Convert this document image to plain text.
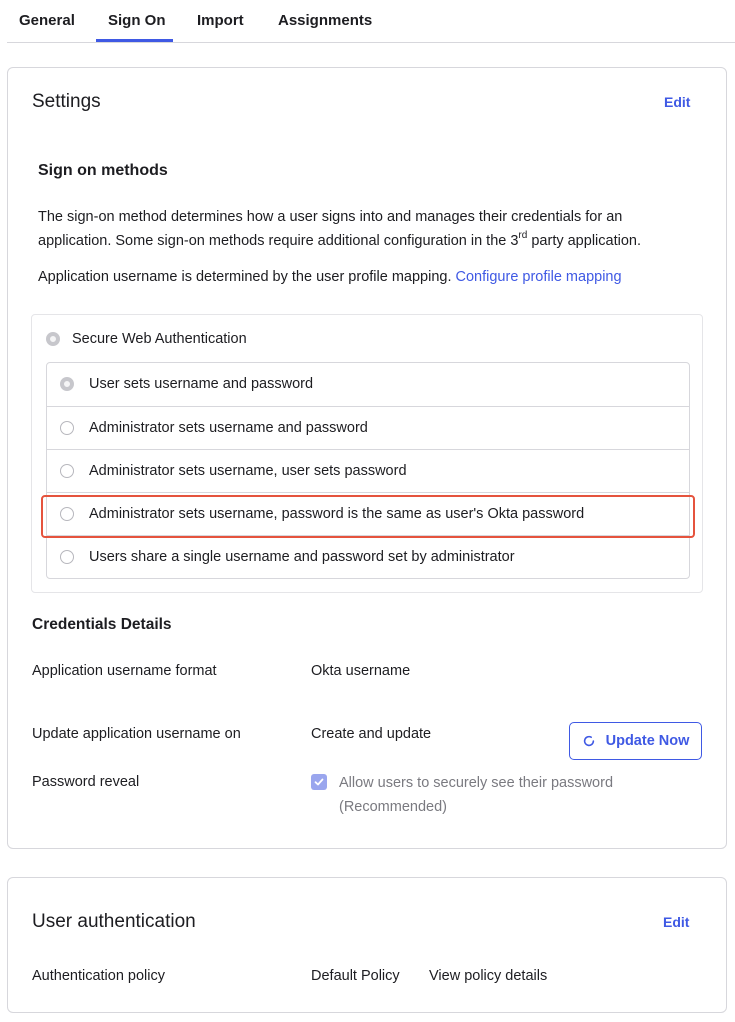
General Sign On Import Assignments
Settings	Edit
Sign on methods
The sign-on method determines how a user signs into and manages their credentials for an
application. Some sign-on methods require additional configuration in the 3rd party application.
Application username is determined by the user profile mapping. Configure profile mapping
Secure Web Authentication
User sets username and password
Administrator sets username and password
Administrator sets username, user sets password
Administrator sets username, password is the same as user's Okta password
Users share a single username and password set by administrator
Credentials Details
Application username format	Okta username
Update application username on	Create and update	Update Now
Password reveal	Allow users to securely see their password
(Recommended)
User authentication	Edit
Authentication policy	Default Policy View policy details
